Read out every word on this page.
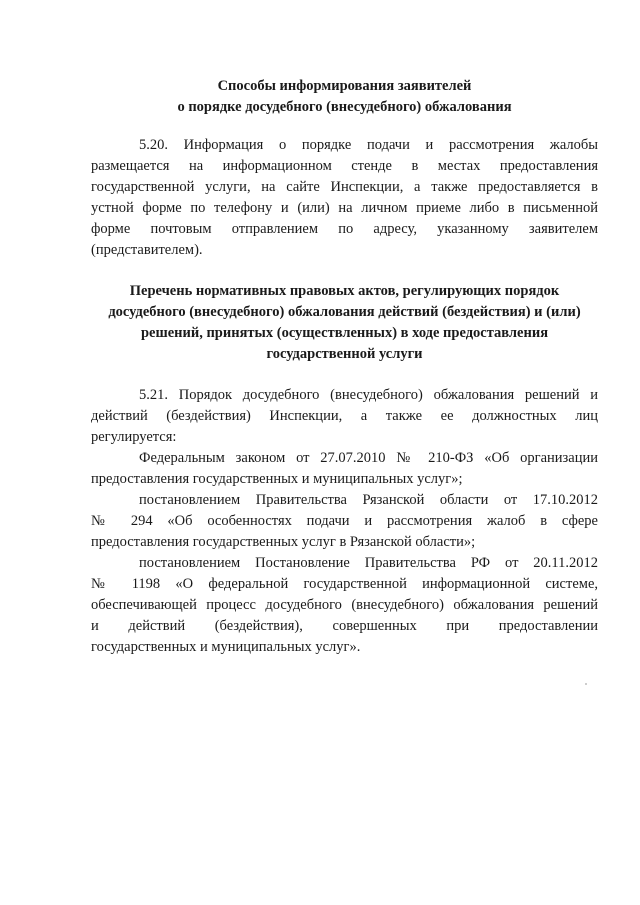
Способы информирования заявителей
о порядке досудебного (внесудебного) обжалования
5.20. Информация о порядке подачи и рассмотрения жалобы
размещается на информационном стенде в местах предоставления
государственной услуги, на сайте Инспекции, а также предоставляется в
устной форме по телефону и (или) на личном приеме либо в письменной
форме почтовым отправлением по адресу, указанному заявителем
(представителем).
Перечень нормативных правовых актов, регулирующих порядок
досудебного (внесудебного) обжалования действий (бездействия) и (или)
решений, принятых (осуществленных) в ходе предоставления
государственной услуги
5.21. Порядок досудебного (внесудебного) обжалования решений и
действий (бездействия) Инспекции, а также ее должностных лиц
регулируется:
Федеральным законом от 27.07.2010 № 210-ФЗ «Об организации
предоставления государственных и муниципальных услуг»;
постановлением Правительства Рязанской области от 17.10.2012
№ 294 «Об особенностях подачи и рассмотрения жалоб в сфере
предоставления государственных услуг в Рязанской области»;
постановлением Постановление Правительства РФ от 20.11.2012
№ 1198 «О федеральной государственной информационной системе,
обеспечивающей процесс досудебного (внесудебного) обжалования решений
и действий (бездействия), совершенных при предоставлении
государственных и муниципальных услуг».
